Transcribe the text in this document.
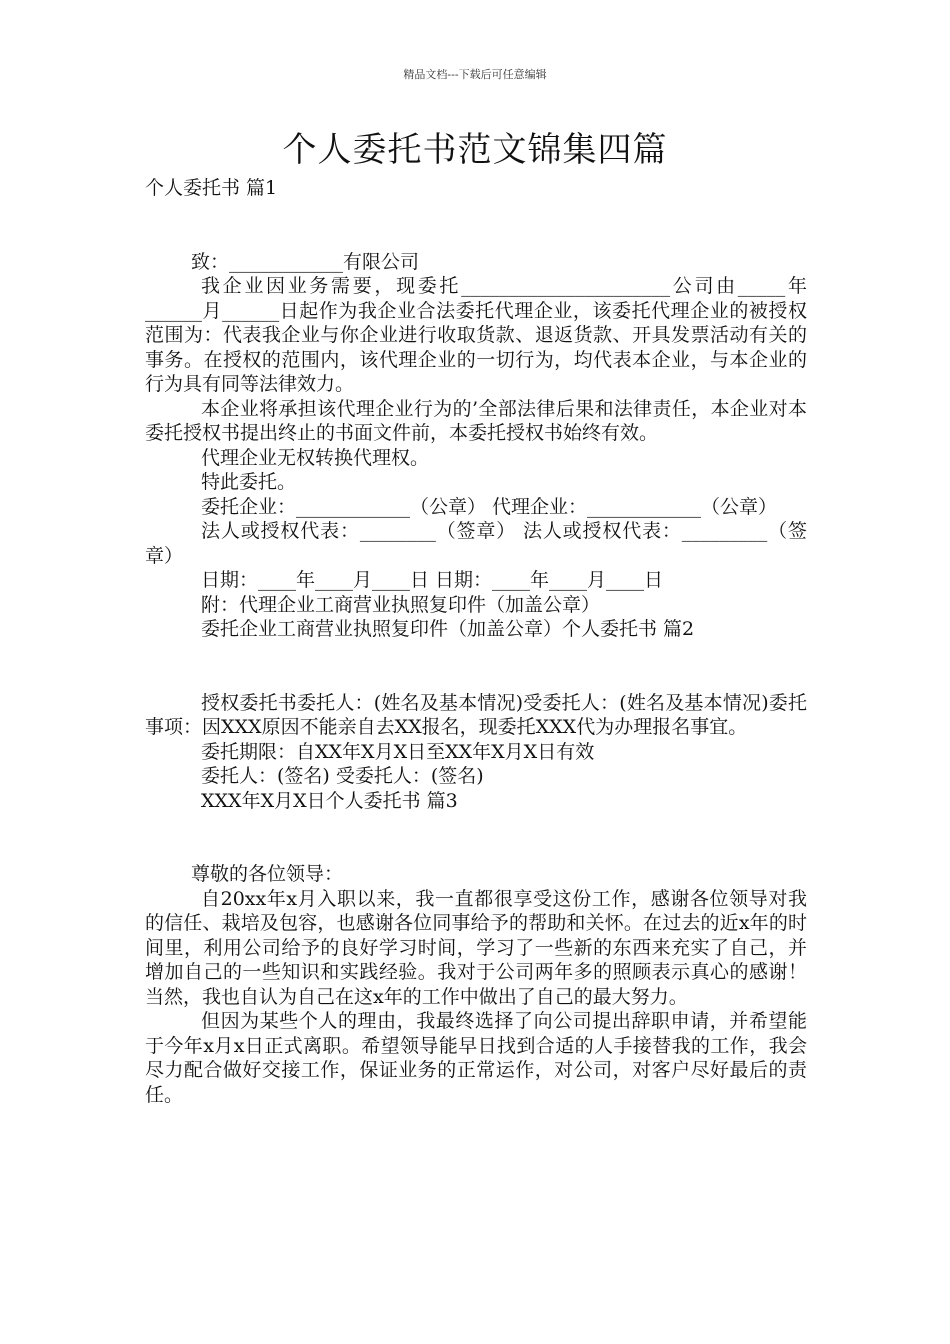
精品文档---下载后可任意编辑
个人委托书范文锦集四篇

个人委托书 篇1

致：____________有限公司

我企业因业务需要，现委托______________________公司由_____年______月______日起作为我企业合法委托代理企业，该委托代理企业的被授权范围为：代表我企业与你企业进行收取货款、退返货款、开具发票活动有关的事务。在授权的范围内，该代理企业的一切行为，均代表本企业，与本企业的行为具有同等法律效力。

本企业将承担该代理企业行为的’全部法律后果和法律责任，本企业对本委托授权书提出终止的书面文件前，本委托授权书始终有效。

代理企业无权转换代理权。

特此委托。

委托企业：____________（公章） 代理企业：____________（公章）

法人或授权代表：________（签章） 法人或授权代表：_________（签章）

日期：____年____月____日 日期：____年____月____日

附：代理企业工商营业执照复印件（加盖公章）

委托企业工商营业执照复印件（加盖公章）个人委托书 篇2

授权委托书委托人：(姓名及基本情况)受委托人：(姓名及基本情况)委托事项：因XXX原因不能亲自去XX报名，现委托XXX代为办理报名事宜。

委托期限：自XX年X月X日至XX年X月X日有效

委托人：(签名) 受委托人：(签名)

XXX年X月X日个人委托书 篇3

尊敬的各位领导：

自20xx年x月入职以来，我一直都很享受这份工作，感谢各位领导对我的信任、栽培及包容，也感谢各位同事给予的帮助和关怀。在过去的近x年的时间里，利用公司给予的良好学习时间，学习了一些新的东西来充实了自己，并增加自己的一些知识和实践经验。我对于公司两年多的照顾表示真心的感谢！当然，我也自认为自己在这x年的工作中做出了自己的最大努力。

但因为某些个人的理由，我最终选择了向公司提出辞职申请，并希望能于今年x月x日正式离职。希望领导能早日找到合适的人手接替我的工作，我会尽力配合做好交接工作，保证业务的正常运作，对公司，对客户尽好最后的责任。
